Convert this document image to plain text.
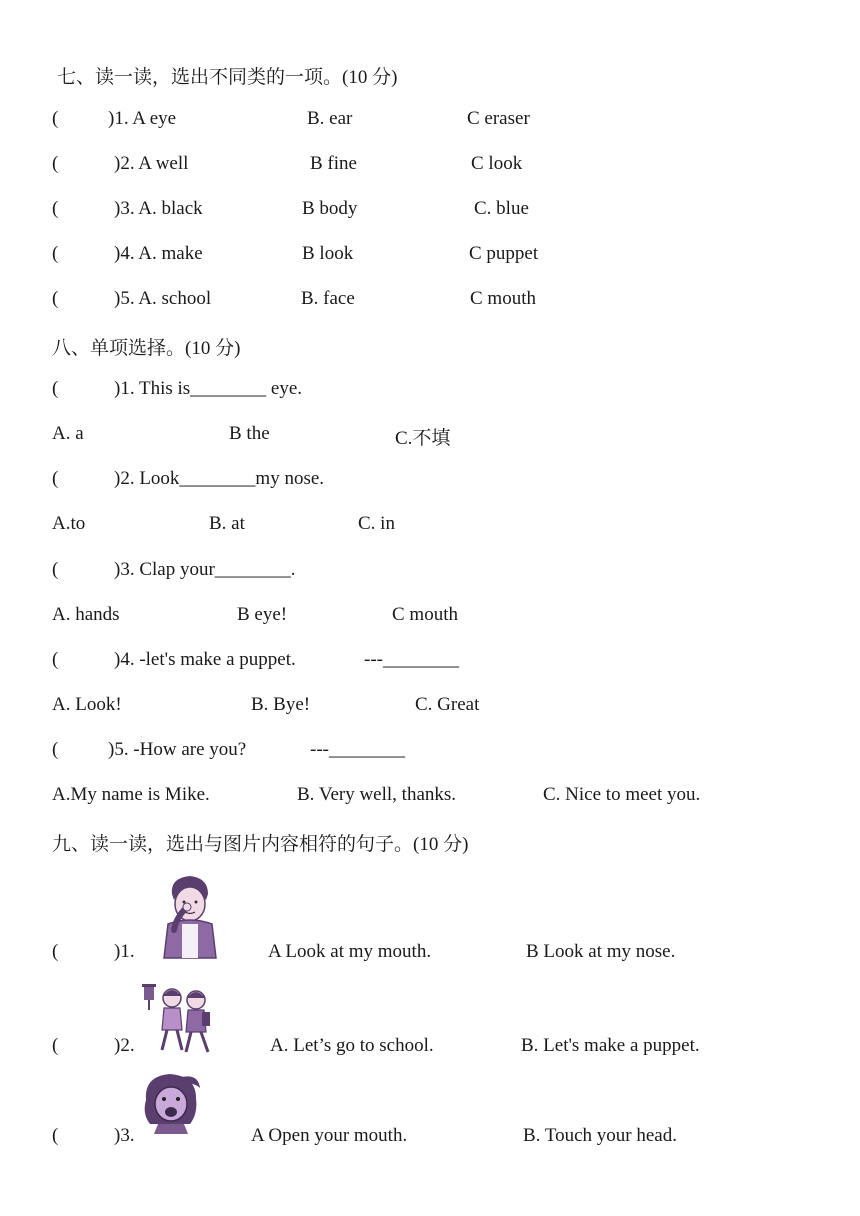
七、读一读，选出不同类的一项。(10 分)
(	)1. A eye	B. ear	C eraser
(	)2. A well	B fine	C look
(	)3. A. black	B body	C. blue
(	)4. A. make	B look	C puppet
(	)5. A. school	B. face	C mouth
八、单项选择。(10 分)
(	)1. This is________ eye.
A. a	B the	C.不填
(	)2. Look________my nose.
A.to	B. at	C. in
(	)3. Clap your________.
A. hands	B eye!	C mouth
(	)4. -let's make a puppet.	---________
A. Look!	B. Bye!	C. Great
(	)5. -How are you?	---________
A.My name is Mike.	B. Very well, thanks.	C. Nice to meet you.
九、读一读，选出与图片内容相符的句子。(10 分)
(	)1.	A Look at my mouth.	B Look at my nose.
(	)2.	A. Let’s go to school.	B. Let's make a puppet.
(	)3.	A Open your mouth.	B. Touch your head.
